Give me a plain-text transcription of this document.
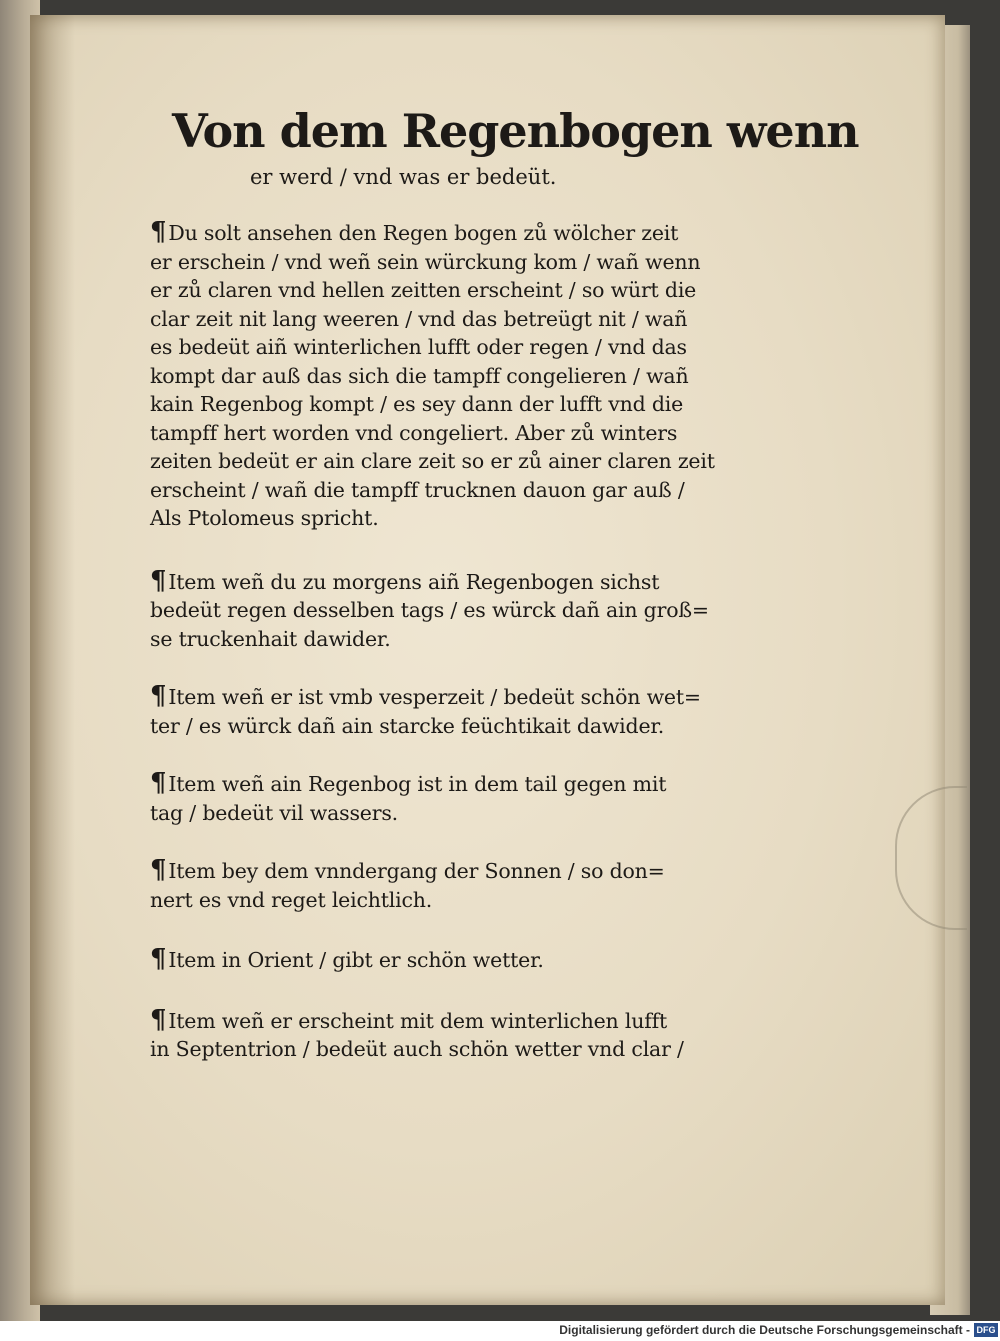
Von dem Regenbogen wenn
er werd / vnd was er bedeüt.
¶Du solt ansehen den Regen bogen zů wölcher zeit
er erschein / vnd weñ sein würckung kom / wañ wenn
er zů claren vnd hellen zeitten erscheint / so würt die
clar zeit nit lang weeren / vnd das betreügt nit / wañ
es bedeüt aiñ winterlichen lufft oder regen / vnd das
kompt dar auß das sich die tampff congelieren / wañ
kain Regenbog kompt / es sey dann der lufft vnd die
tampff hert worden vnd congeliert. Aber zů winters
zeiten bedeüt er ain clare zeit so er zů ainer claren zeit
erscheint / wañ die tampff trucknen dauon gar auß /
Als Ptolomeus spricht.
¶Item weñ du zu morgens aiñ Regenbogen sichst
bedeüt regen desselben tags / es würck dañ ain groß=
se truckenhait dawider.
¶Item weñ er ist vmb vesperzeit / bedeüt schön wet=
ter / es würck dañ ain starcke feüchtikait dawider.
¶Item weñ ain Regenbog ist in dem tail gegen mit
tag / bedeüt vil wassers.
¶Item bey dem vnndergang der Sonnen / so don=
nert es vnd reget leichtlich.
¶Item in Orient / gibt er schön wetter.
¶Item weñ er erscheint mit dem winterlichen lufft
in Septentrion / bedeüt auch schön wetter vnd clar /
Digitalisierung gefördert durch die Deutsche Forschungsgemeinschaft - DFG
